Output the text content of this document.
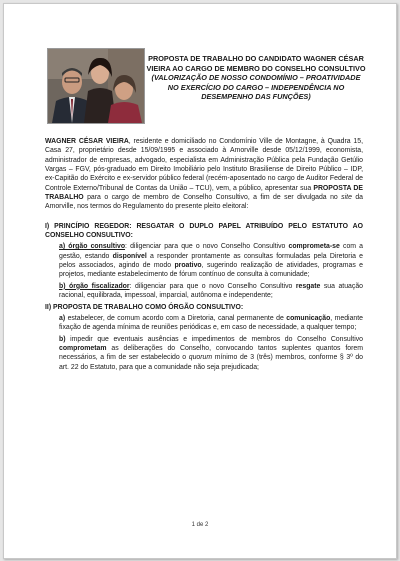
PROPOSTA DE TRABALHO DO CANDIDATO WAGNER CÉSAR VIEIRA AO CARGO DE MEMBRO DO CONSELHO CONSULTIVO
(VALORIZAÇÃO DE NOSSO CONDOMÍNIO – PROATIVIDADE NO EXERCÍCIO DO CARGO – INDEPENDÊNCIA NO DESEMPENHO DAS FUNÇÕES)

WAGNER CÉSAR VIEIRA, residente e domiciliado no Condomínio Ville de Montagne, à Quadra 15, Casa 27, proprietário desde 15/09/1995 e associado à Amorville desde 05/12/1999, economista, administrador de empresas, advogado, especialista em Administração Pública pela Fundação Getúlio Vargas – FGV, pós-graduado em Direito Imobiliário pelo Instituto Brasiliense de Direito Público – IDP, ex-Capitão do Exército e ex-servidor público federal (recém-aposentado no cargo de Auditor Federal de Controle Externo/Tribunal de Contas da União – TCU), vem, a público, apresentar sua PROPOSTA DE TRABALHO para o cargo de membro de Conselho Consultivo, a fim de ser divulgada no site da Amorville, nos termos do Regulamento do presente pleito eleitoral:

I) PRINCÍPIO REGEDOR: RESGATAR O DUPLO PAPEL ATRIBUÍDO PELO ESTATUTO AO CONSELHO CONSULTIVO:

a) órgão consultivo: diligenciar para que o novo Conselho Consultivo comprometa-se com a gestão, estando disponível a responder prontamente as consultas formuladas pela Diretoria e pelos associados, agindo de modo proativo, sugerindo realização de atividades, programas e projetos, mediante estabelecimento de fórum contínuo de consulta à comunidade;

b) órgão fiscalizador: diligenciar para que o novo Conselho Consultivo resgate sua atuação racional, equilibrada, impessoal, imparcial, autônoma e independente;

II) PROPOSTA DE TRABALHO COMO ÓRGÃO CONSULTIVO:

a) estabelecer, de comum acordo com a Diretoria, canal permanente de comunicação, mediante fixação de agenda mínima de reuniões periódicas e, em caso de necessidade, a qualquer tempo;

b) impedir que eventuais ausências e impedimentos de membros do Conselho Consultivo comprometam as deliberações do Conselho, convocando tantos suplentes quantos forem necessários, a fim de ser estabelecido o quorum mínimo de 3 (três) membros, conforme § 3º do art. 22 do Estatuto, para que a comunidade não seja prejudicada;

1 de 2
